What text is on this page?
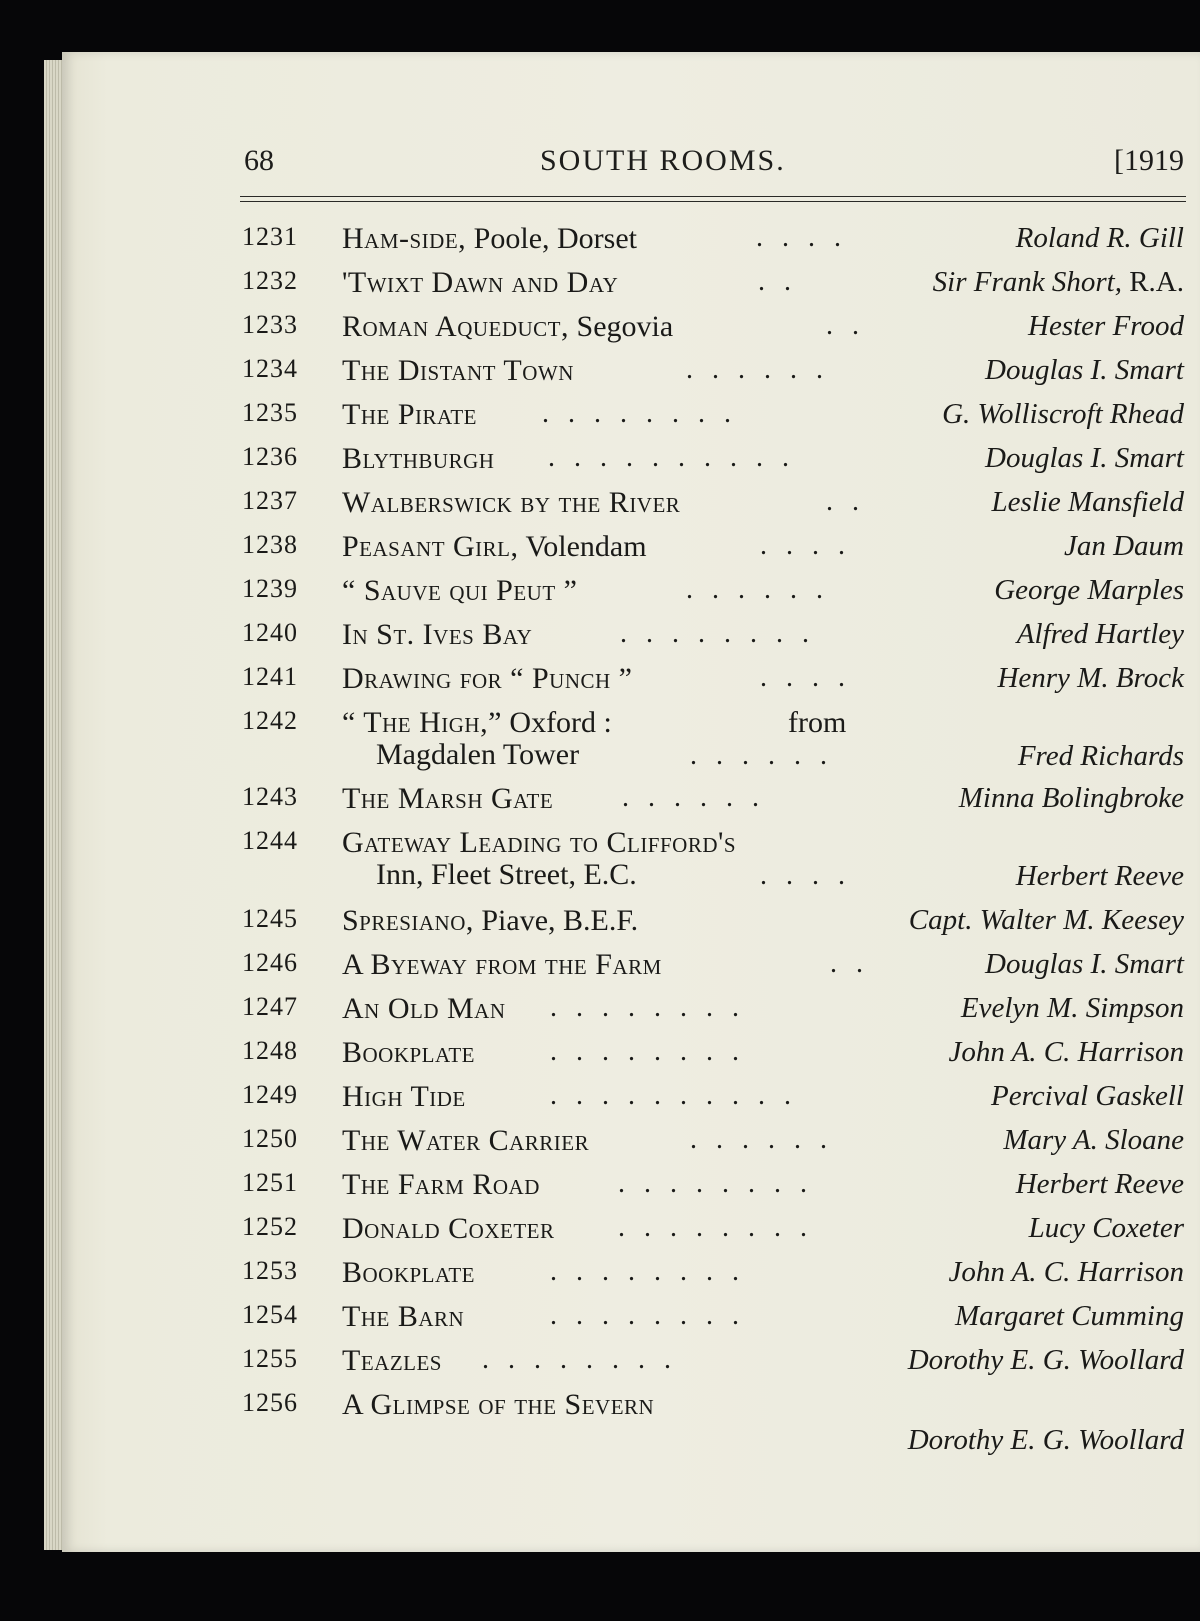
68	SOUTH ROOMS.	[1919
1231 Ham-side, Poole, Dorset	. . . .	Roland R. Gill
1232 'Twixt Dawn and Day	. .	Sir Frank Short, R.A.
1233 Roman Aqueduct, Segovia	. .	Hester Frood
1234 The Distant Town	. . . . . .	Douglas I. Smart
1235 The Pirate . . . . . . . .	G. Wolliscroft Rhead
1236 Blythburgh . . . . . . . . . .	Douglas I. Smart
1237 Walberswick by the River	. .	Leslie Mansfield
1238 Peasant Girl, Volendam	. . . .	Jan Daum
1239 “ Sauve qui Peut ”	. . . . . .	George Marples
1240 In St. Ives Bay	. . . . . . . .	Alfred Hartley
1241 Drawing for “ Punch ”	. . . .	Henry M. Brock
1242 “ The High,” Oxford :	from
Magdalen Tower	. . . . . .	Fred Richards
1243 The Marsh Gate . . . . . .	Minna Bolingbroke
1244 Gateway Leading to Clifford's
Inn, Fleet Street, E.C.	. . . .	Herbert Reeve
1245 Spresiano, Piave, B.E.F.	Capt. Walter M. Keesey
1246 A Byeway from the Farm	. .	Douglas I. Smart
1247 An Old Man . . . . . . . .	Evelyn M. Simpson
1248 Bookplate	. . . . . . . .	John A. C. Harrison
1249 High Tide	. . . . . . . . . .	Percival Gaskell
1250 The Water Carrier	. . . . . .	Mary A. Sloane
1251 The Farm Road	. . . . . . . .	Herbert Reeve
1252 Donald Coxeter . . . . . . . .	Lucy Coxeter
1253 Bookplate	. . . . . . . .	John A. C. Harrison
1254 The Barn	. . . . . . . .	Margaret Cumming
1255 Teazles . . . . . . . .	Dorothy E. G. Woollard
1256 A Glimpse of the Severn
Dorothy E. G. Woollard
